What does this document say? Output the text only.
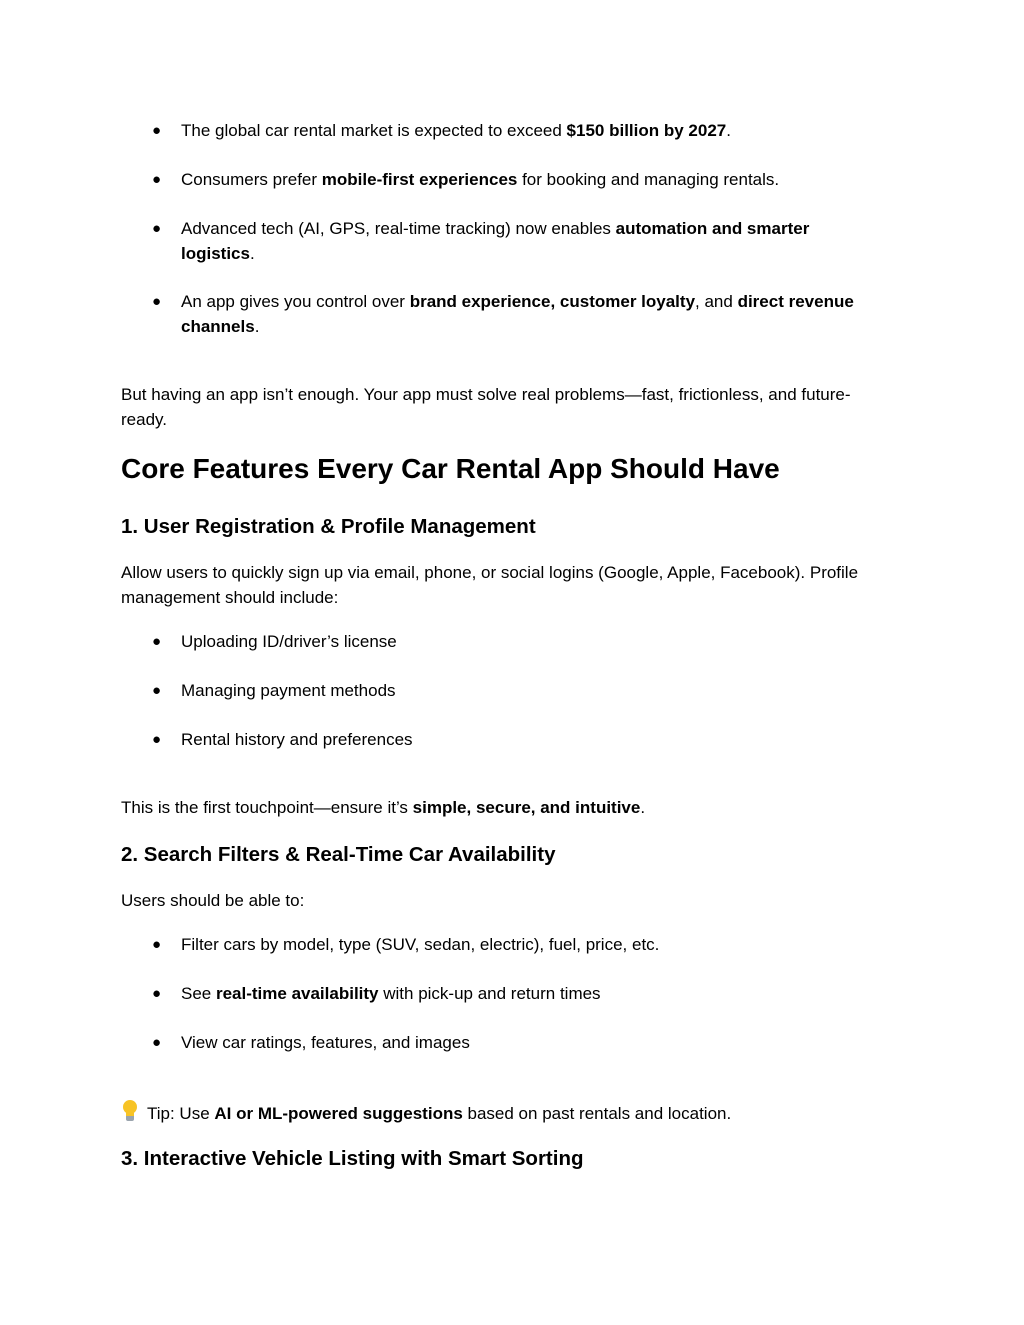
● The global car rental market is expected to exceed $150 billion by 2027.

● Consumers prefer mobile-first experiences for booking and managing rentals.

● Advanced tech (AI, GPS, real-time tracking) now enables automation and smarter logistics.

● An app gives you control over brand experience, customer loyalty, and direct revenue channels.

But having an app isn’t enough. Your app must solve real problems—fast, frictionless, and future-ready.

Core Features Every Car Rental App Should Have
1. User Registration & Profile Management

Allow users to quickly sign up via email, phone, or social logins (Google, Apple, Facebook). Profile management should include:

● Uploading ID/driver’s license

● Managing payment methods

● Rental history and preferences

This is the first touchpoint—ensure it’s simple, secure, and intuitive.

2. Search Filters & Real-Time Car Availability

Users should be able to:

● Filter cars by model, type (SUV, sedan, electric), fuel, price, etc.

● See real-time availability with pick-up and return times

● View car ratings, features, and images

Tip: Use AI or ML-powered suggestions based on past rentals and location.

3. Interactive Vehicle Listing with Smart Sorting
